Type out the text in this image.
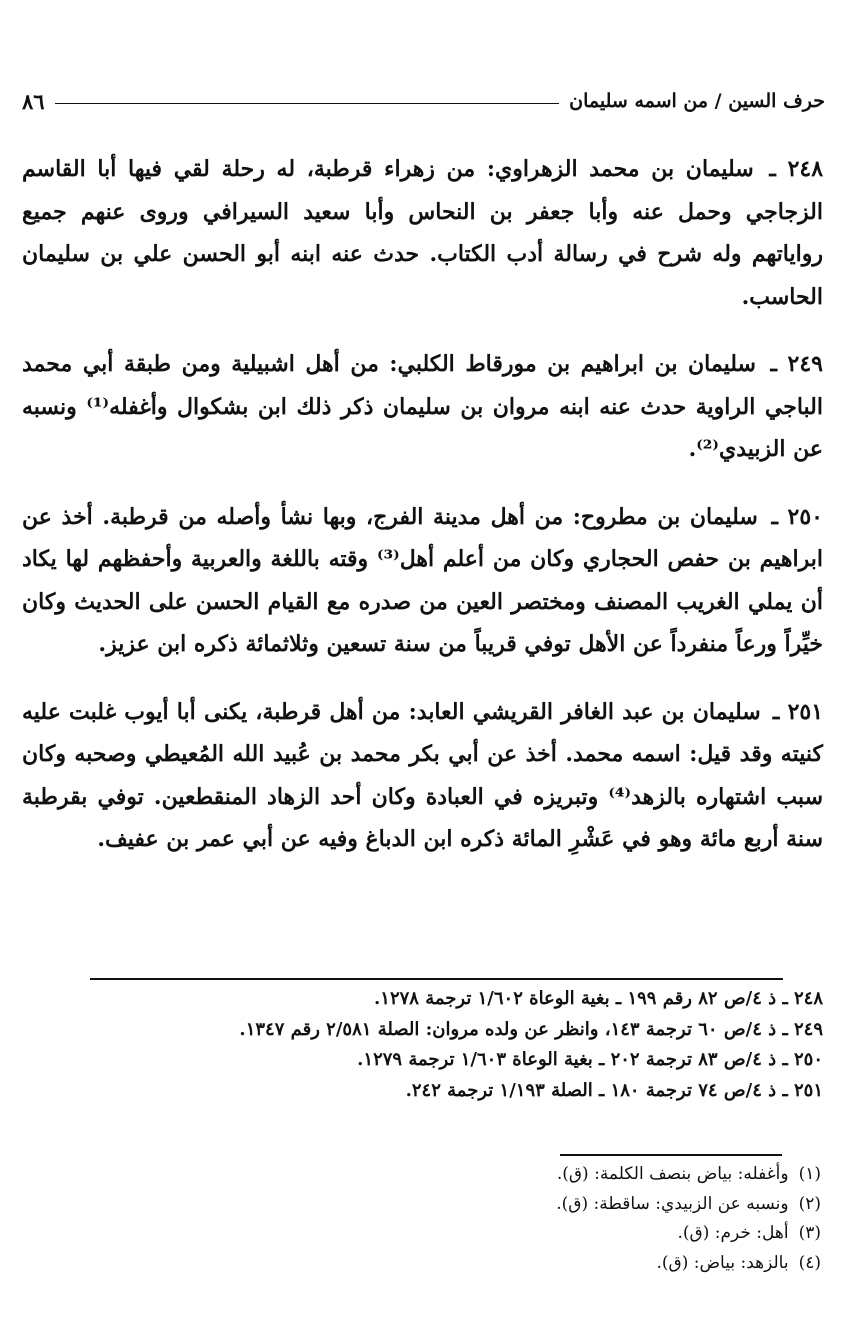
حرف السين / من اسمه سليمان
٨٦

٢٤٨ ـ سليمان بن محمد الزهراوي: من زهراء قرطبة، له رحلة لقي فيها أبا القاسم الزجاجي وحمل عنه وأبا جعفر بن النحاس وأبا سعيد السيرافي وروى عنهم جميع رواياتهم وله شرح في رسالة أدب الكتاب. حدث عنه ابنه أبو الحسن علي بن سليمان الحاسب.

٢٤٩ ـ سليمان بن ابراهيم بن مورقاط الكلبي: من أهل اشبيلية ومن طبقة أبي محمد الباجي الراوية حدث عنه ابنه مروان بن سليمان ذكر ذلك ابن بشكوال وأغفله⁽¹⁾ ونسبه عن الزبيدي⁽²⁾.

٢٥٠ ـ سليمان بن مطروح: من أهل مدينة الفرج، وبها نشأ وأصله من قرطبة. أخذ عن ابراهيم بن حفص الحجاري وكان من أعلم أهل⁽³⁾ وقته باللغة والعربية وأحفظهم لها يكاد أن يملي الغريب المصنف ومختصر العين من صدره مع القيام الحسن على الحديث وكان خيِّراً ورعاً منفرداً عن الأهل توفي قريباً من سنة تسعين وثلاثمائة ذكره ابن عزيز.

٢٥١ ـ سليمان بن عبد الغافر القريشي العابد: من أهل قرطبة، يكنى أبا أيوب غلبت عليه كنيته وقد قيل: اسمه محمد. أخذ عن أبي بكر محمد بن عُبيد الله المُعيطي وصحبه وكان سبب اشتهاره بالزهد⁽⁴⁾ وتبريزه في العبادة وكان أحد الزهاد المنقطعين. توفي بقرطبة سنة أربع مائة وهو في عَشْرِ المائة ذكره ابن الدباغ وفيه عن أبي عمر بن عفيف.

٢٤٨ ـ ذ ٤/ص ٨٢ رقم ١٩٩ ـ بغية الوعاة ١/٦٠٢ ترجمة ١٢٧٨.
٢٤٩ ـ ذ ٤/ص ٦٠ ترجمة ١٤٣، وانظر عن ولده مروان: الصلة ٢/٥٨١ رقم ١٣٤٧.
٢٥٠ ـ ذ ٤/ص ٨٣ ترجمة ٢٠٢ ـ بغية الوعاة ١/٦٠٣ ترجمة ١٢٧٩.
٢٥١ ـ ذ ٤/ص ٧٤ ترجمة ١٨٠ ـ الصلة ١/١٩٣ ترجمة ٢٤٢.
(١)وأغفله: بياض بنصف الكلمة: (ق).
(٢)ونسبه عن الزبيدي: ساقطة: (ق).
(٣)أهل: خرم: (ق).
(٤)بالزهد: بياض: (ق).
